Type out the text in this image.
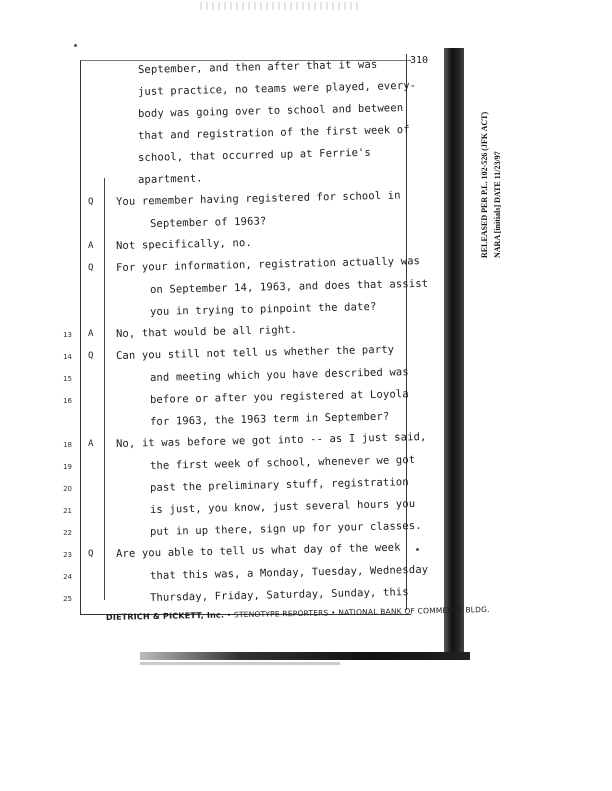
310
September, and then after that it was
just practice, no teams were played, every-
body was going over to school and between
that and registration of the first week of
school, that occurred up at Ferrie's
apartment.
Q You remember having registered for school in
September of 1963?
A Not specifically, no.
Q For your information, registration actually was
on September 14, 1963, and does that assist
you in trying to pinpoint the date?
13 A No, that would be all right.
14 Q Can you still not tell us whether the party
15	and meeting which you have described was
16	before or after you registered at Loyola
for 1963, the 1963 term in September?
18 A No, it was before we got into -- as I just said,
19	the first week of school, whenever we got
20	past the preliminary stuff, registration
21	is just, you know, just several hours you
22	put in up there, sign up for your classes.
23 Q Are you able to tell us what day of the week
24	that this was, a Monday, Tuesday, Wednesday
25	Thursday, Friday, Saturday, Sunday, this
DIETRICH & PICKETT, Inc. • STENOTYPE REPORTERS • NATIONAL BANK OF COMMERCE BLDG.
RELEASED PER P.L. 102-526 (JFK ACT) NARA [initials] DATE 11/23/97
